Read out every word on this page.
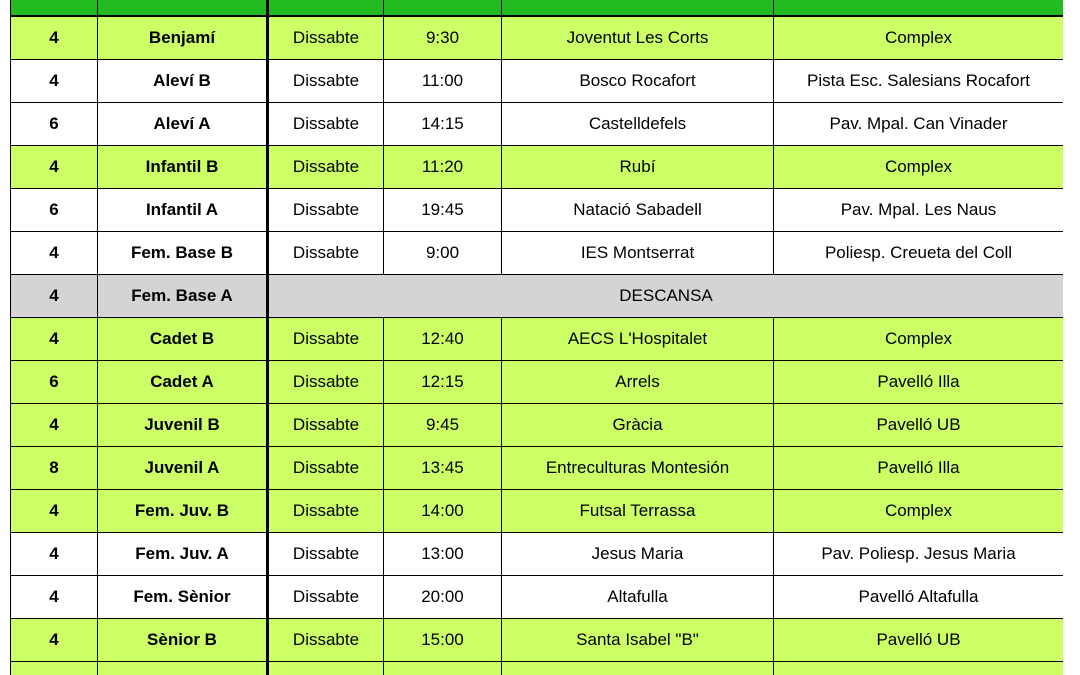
4	Benjamí	Dissabte	9:30	Joventut Les Corts	Complex
4	Aleví B	Dissabte	11:00	Bosco Rocafort	Pista Esc. Salesians Rocafort
6	Aleví A	Dissabte	14:15	Castelldefels	Pav. Mpal. Can Vinader
4	Infantil B	Dissabte	11:20	Rubí	Complex
6	Infantil A	Dissabte	19:45	Natació Sabadell	Pav. Mpal. Les Naus
4	Fem. Base B	Dissabte	9:00	IES Montserrat	Poliesp. Creueta del Coll
4	Fem. Base A	DESCANSA			
4	Cadet B	Dissabte	12:40	AECS L'Hospitalet	Complex
6	Cadet A	Dissabte	12:15	Arrels	Pavelló Illa
4	Juvenil B	Dissabte	9:45	Gràcia	Pavelló UB
8	Juvenil A	Dissabte	13:45	Entreculturas Montesión	Pavelló Illa
4	Fem. Juv. B	Dissabte	14:00	Futsal Terrassa	Complex
4	Fem. Juv. A	Dissabte	13:00	Jesus Maria	Pav. Poliesp. Jesus Maria
4	Fem. Sènior	Dissabte	20:00	Altafulla	Pavelló Altafulla
4	Sènior B	Dissabte	15:00	Santa Isabel "B"	Pavelló UB
